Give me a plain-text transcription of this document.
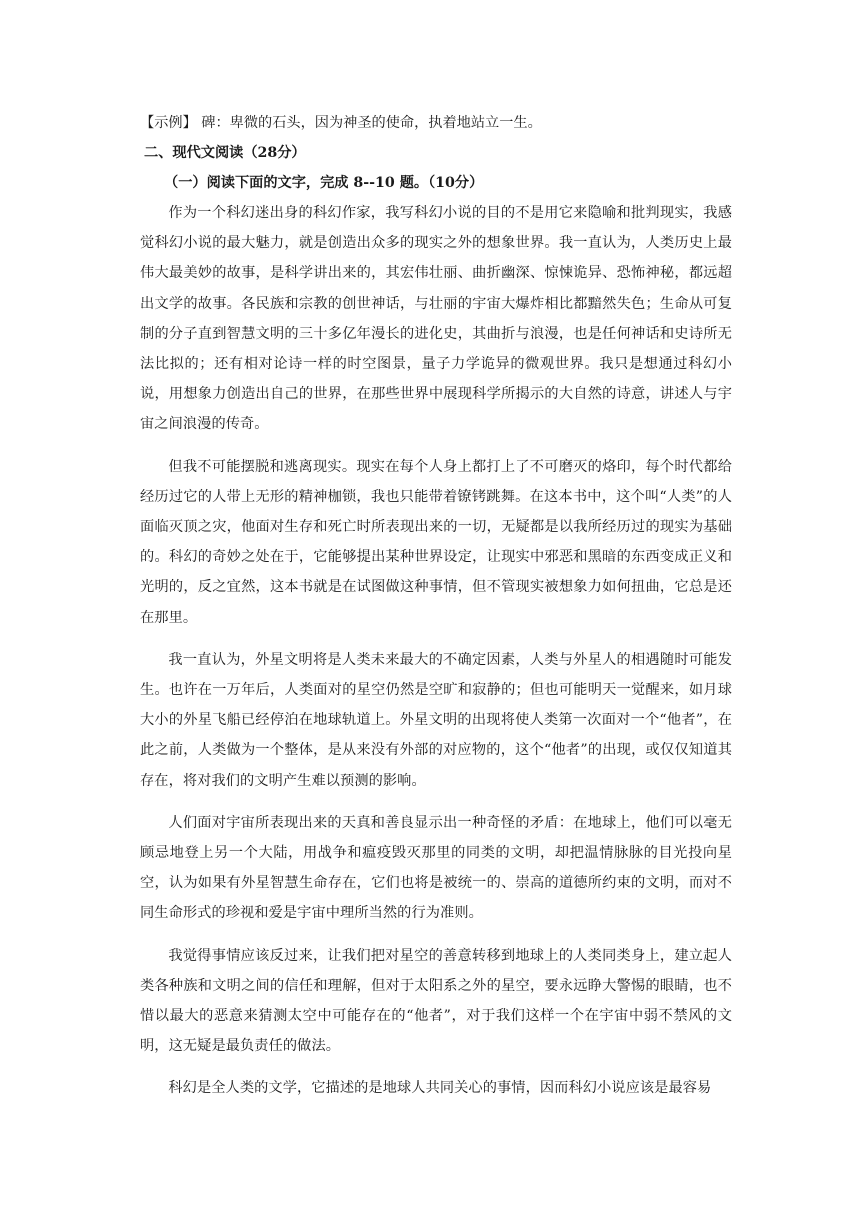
【示例】 碑：卑微的石头，因为神圣的使命，执着地站立一生。

二、现代文阅读（28分）

（一）阅读下面的文字，完成 8--10 题。（10分）

作为一个科幻迷出身的科幻作家，我写科幻小说的目的不是用它来隐喻和批判现实，我感觉科幻小说的最大魅力，就是创造出众多的现实之外的想象世界。我一直认为，人类历史上最伟大最美妙的故事，是科学讲出来的，其宏伟壮丽、曲折幽深、惊悚诡异、恐怖神秘，都远超出文学的故事。各民族和宗教的创世神话，与壮丽的宇宙大爆炸相比都黯然失色；生命从可复制的分子直到智慧文明的三十多亿年漫长的进化史，其曲折与浪漫，也是任何神话和史诗所无法比拟的；还有相对论诗一样的时空图景，量子力学诡异的微观世界。我只是想通过科幻小说，用想象力创造出自己的世界，在那些世界中展现科学所揭示的大自然的诗意，讲述人与宇宙之间浪漫的传奇。

但我不可能摆脱和逃离现实。现实在每个人身上都打上了不可磨灭的烙印，每个时代都给经历过它的人带上无形的精神枷锁，我也只能带着镣铐跳舞。在这本书中，这个叫“人类”的人面临灭顶之灾，他面对生存和死亡时所表现出来的一切，无疑都是以我所经历过的现实为基础的。科幻的奇妙之处在于，它能够提出某种世界设定，让现实中邪恶和黑暗的东西变成正义和光明的，反之宜然，这本书就是在试图做这种事情，但不管现实被想象力如何扭曲，它总是还在那里。

我一直认为，外星文明将是人类未来最大的不确定因素，人类与外星人的相遇随时可能发生。也许在一万年后，人类面对的星空仍然是空旷和寂静的；但也可能明天一觉醒来，如月球大小的外星飞船已经停泊在地球轨道上。外星文明的出现将使人类第一次面对一个“他者”，在此之前，人类做为一个整体，是从来没有外部的对应物的，这个“他者”的出现，或仅仅知道其存在，将对我们的文明产生难以预测的影响。

人们面对宇宙所表现出来的天真和善良显示出一种奇怪的矛盾：在地球上，他们可以毫无顾忌地登上另一个大陆，用战争和瘟疫毁灭那里的同类的文明，却把温情脉脉的目光投向星空，认为如果有外星智慧生命存在，它们也将是被统一的、崇高的道德所约束的文明，而对不同生命形式的珍视和爱是宇宙中理所当然的行为准则。

我觉得事情应该反过来，让我们把对星空的善意转移到地球上的人类同类身上，建立起人类各种族和文明之间的信任和理解，但对于太阳系之外的星空，要永远睁大警惕的眼睛，也不惜以最大的恶意来猜测太空中可能存在的“他者”，对于我们这样一个在宇宙中弱不禁风的文明，这无疑是最负责任的做法。

科幻是全人类的文学，它描述的是地球人共同关心的事情，因而科幻小说应该是最容易
